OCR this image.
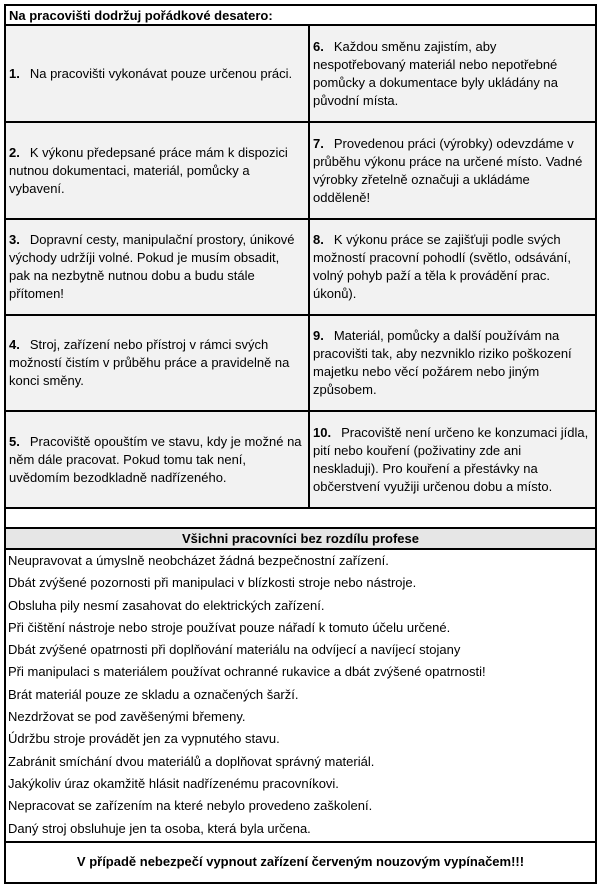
Na pracovišti dodržuj pořádkové desatero:
1. Na pracovišti vykonávat pouze určenou práci.
6. Každou směnu zajistím, aby nespotřebovaný materiál nebo nepotřebné pomůcky a dokumentace byly ukládány na původní místa.
2. K výkonu předepsané práce mám k dispozici nutnou dokumentaci, materiál, pomůcky a vybavení.
7. Provedenou práci (výrobky) odevzdáme v průběhu výkonu práce na určené místo. Vadné výrobky zřetelně označuji a ukládáme odděleně!
3. Dopravní cesty, manipulační prostory, únikové východy udržíji volné. Pokud je musím obsadit, pak na nezbytně nutnou dobu a budu stále přítomen!
8. K výkonu práce se zajišťuji podle svých možností pracovní pohodlí (světlo, odsávání, volný pohyb paží a těla k provádění prac. úkonů).
4. Stroj, zařízení nebo přístroj v rámci svých možností čistím v průběhu práce a pravidelně na konci směny.
9. Materiál, pomůcky a další používám na pracovišti tak, aby nezvniklo riziko poškození majetku nebo věcí požárem nebo jiným způsobem.
5. Pracoviště opouštím ve stavu, kdy je možné na něm dále pracovat. Pokud tomu tak není, uvědomím bezodkladně nadřízeného.
10. Pracoviště není určeno ke konzumaci jídla, pití nebo kouření (poživatiny zde ani neskladuji). Pro kouření a přestávky na občerstvení využiji určenou dobu a místo.
Všichni pracovníci bez rozdílu profese
Neupravovat a úmyslně neobcházet žádná bezpečnostní zařízení.
Dbát zvýšené pozornosti při manipulaci v blízkosti stroje nebo nástroje.
Obsluha pily nesmí zasahovat do elektrických zařízení.
Při čištění nástroje nebo stroje používat pouze nářadí k tomuto účelu určené.
Dbát zvýšené opatrnosti při doplňování materiálu na odvíjecí a navíjecí stojany
Při manipulaci s materiálem používat ochranné rukavice a dbát zvýšené opatrnosti!
Brát materiál pouze ze skladu a označených šarží.
Nezdržovat se pod zavěšenými břemeny.
Údržbu stroje provádět jen za vypnutého stavu.
Zabránit smíchání dvou materiálů a doplňovat správný materiál.
Jakýkoliv úraz okamžitě hlásit nadřízenému pracovníkovi.
Nepracovat se zařízením na které nebylo provedeno zaškolení.
Daný stroj obsluhuje jen ta osoba, která byla určena.
V případě nebezpečí vypnout zařízení červeným nouzovým vypínačem!!!
